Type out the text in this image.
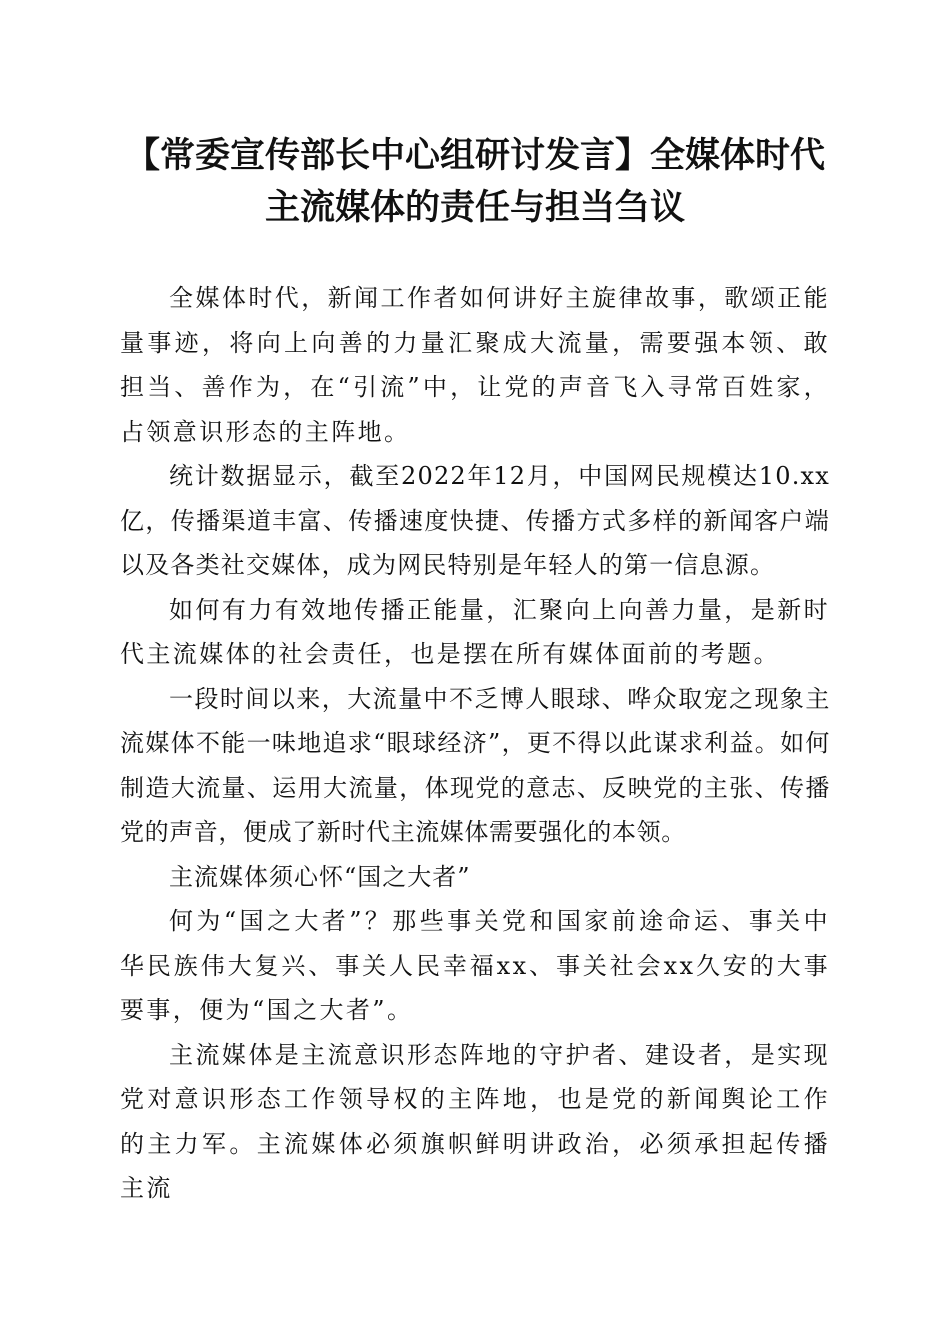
【常委宣传部长中心组研讨发言】全媒体时代
主流媒体的责任与担当刍议

全媒体时代，新闻工作者如何讲好主旋律故事，歌颂正能量事迹，将向上向善的力量汇聚成大流量，需要强本领、敢担当、善作为，在“引流”中，让党的声音飞入寻常百姓家，占领意识形态的主阵地。

统计数据显示，截至2022年12月，中国网民规模达10.xx亿，传播渠道丰富、传播速度快捷、传播方式多样的新闻客户端以及各类社交媒体，成为网民特别是年轻人的第一信息源。

如何有力有效地传播正能量，汇聚向上向善力量，是新时代主流媒体的社会责任，也是摆在所有媒体面前的考题。

一段时间以来，大流量中不乏博人眼球、哗众取宠之现象主流媒体不能一味地追求“眼球经济”，更不得以此谋求利益。如何制造大流量、运用大流量，体现党的意志、反映党的主张、传播党的声音，便成了新时代主流媒体需要强化的本领。

主流媒体须心怀“国之大者”

何为“国之大者”？那些事关党和国家前途命运、事关中华民族伟大复兴、事关人民幸福xx、事关社会xx久安的大事要事，便为“国之大者”。

主流媒体是主流意识形态阵地的守护者、建设者，是实现党对意识形态工作领导权的主阵地，也是党的新闻舆论工作的主力军。主流媒体必须旗帜鲜明讲政治，必须承担起传播主流
